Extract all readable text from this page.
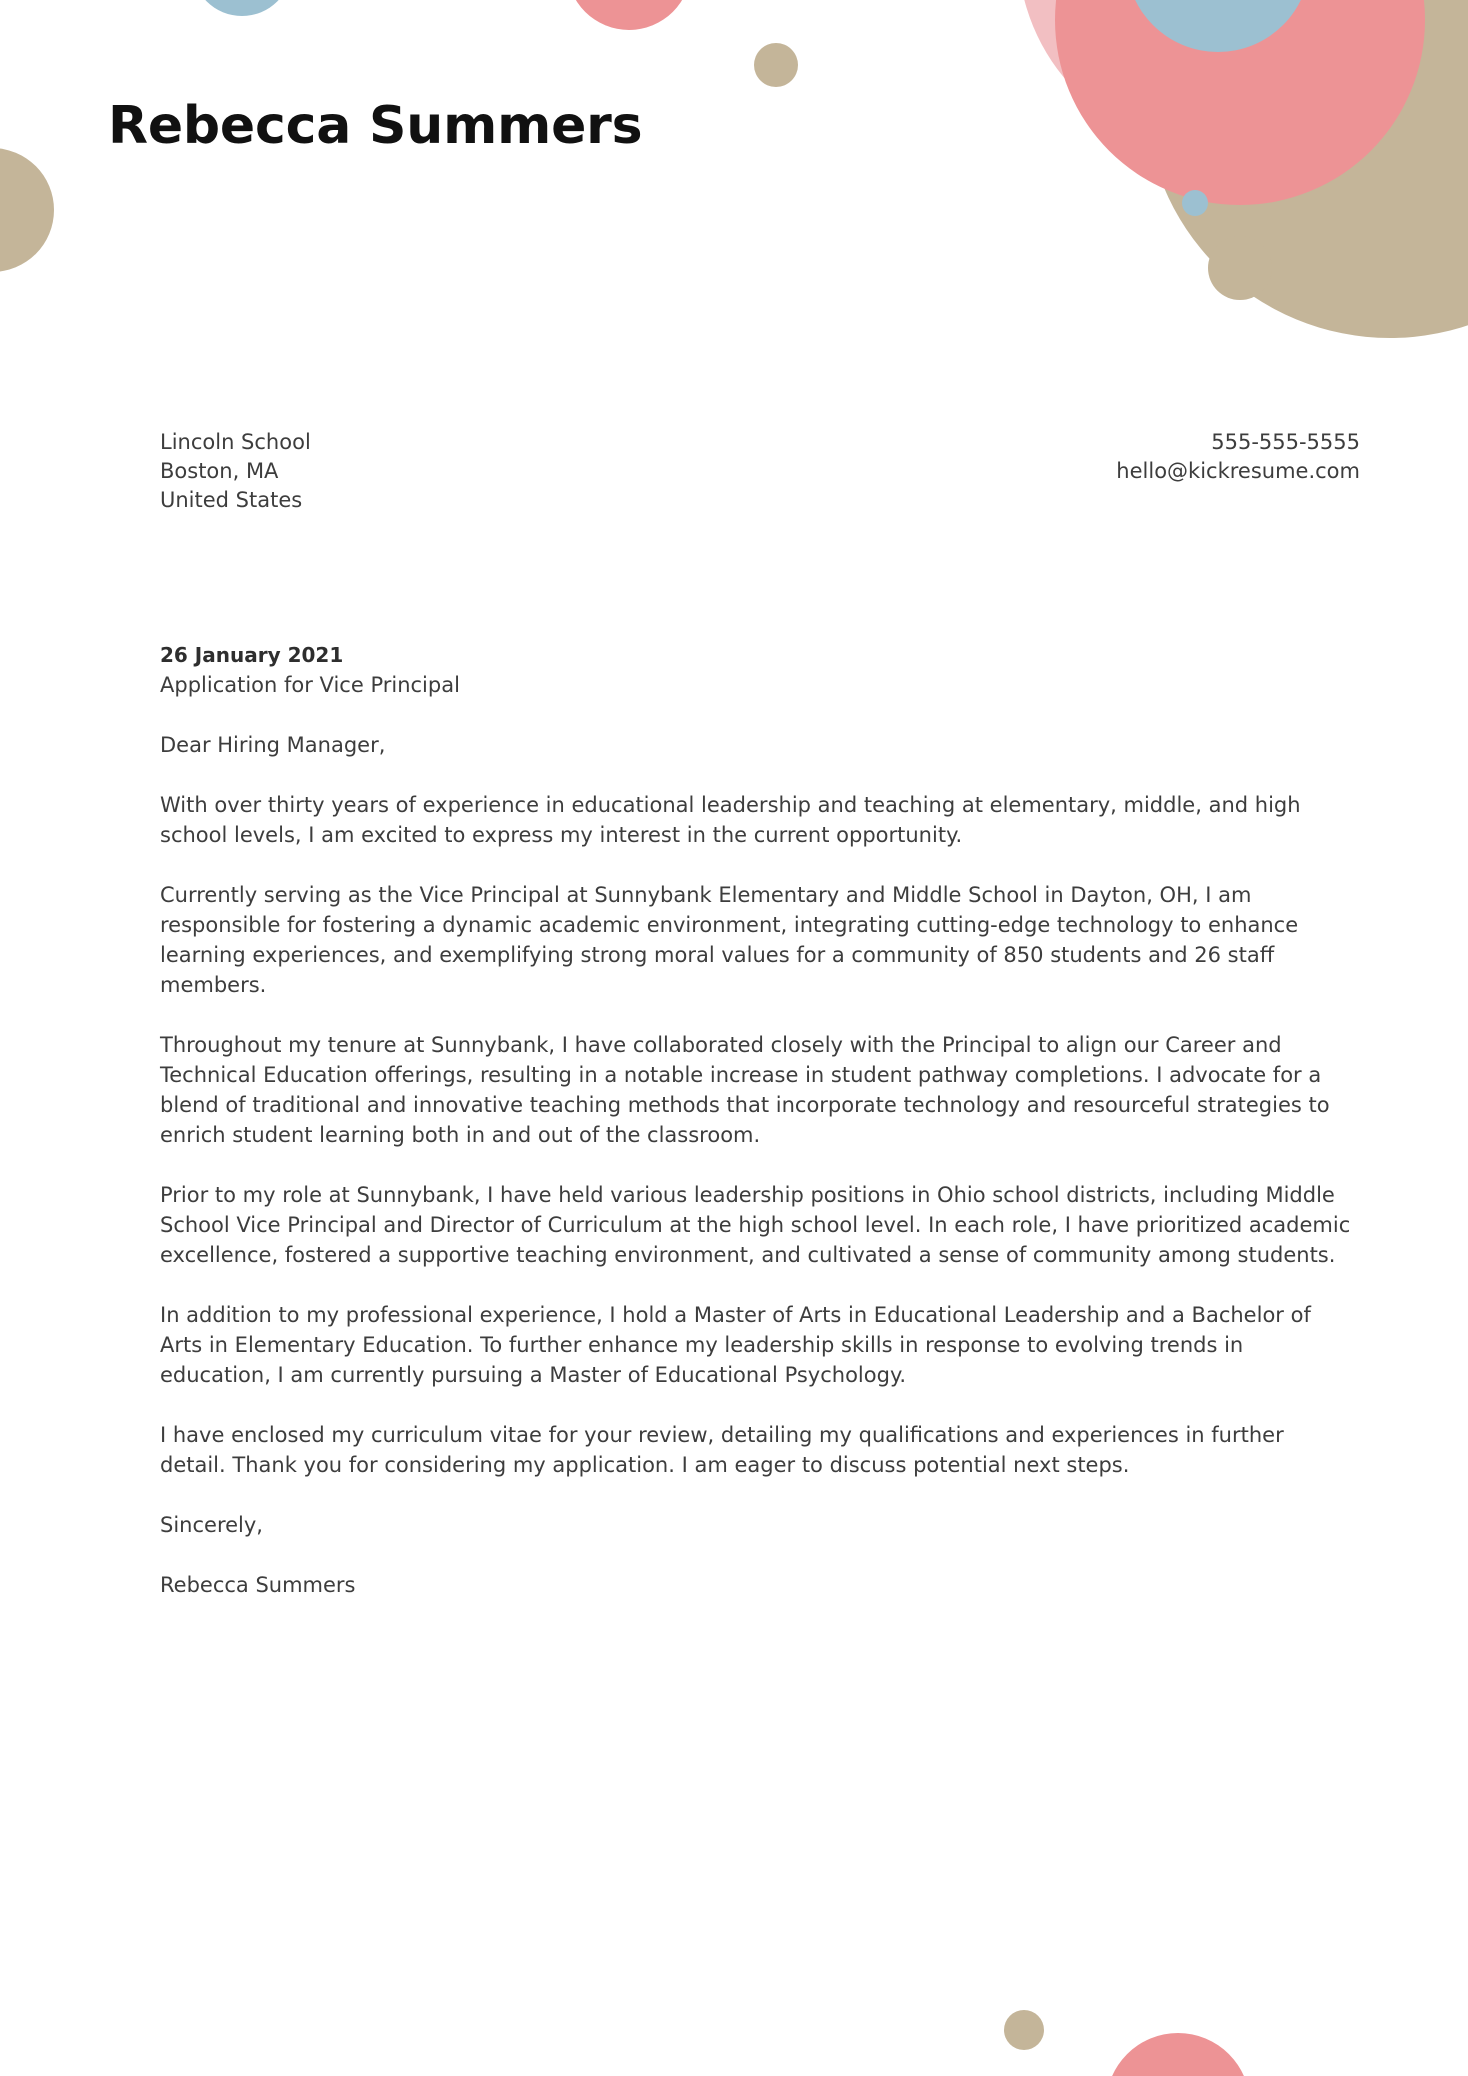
Rebecca Summers
Lincoln School
Boston, MA
United States
555-555-5555
hello@kickresume.com

26 January 2021

Application for Vice Principal

Dear Hiring Manager,

With over thirty years of experience in educational leadership and teaching at elementary, middle, and high school levels, I am excited to express my interest in the current opportunity.

Currently serving as the Vice Principal at Sunnybank Elementary and Middle School in Dayton, OH, I am responsible for fostering a dynamic academic environment, integrating cutting-edge technology to enhance learning experiences, and exemplifying strong moral values for a community of 850 students and 26 staff members.

Throughout my tenure at Sunnybank, I have collaborated closely with the Principal to align our Career and Technical Education offerings, resulting in a notable increase in student pathway completions. I advocate for a blend of traditional and innovative teaching methods that incorporate technology and resourceful strategies to enrich student learning both in and out of the classroom.

Prior to my role at Sunnybank, I have held various leadership positions in Ohio school districts, including Middle School Vice Principal and Director of Curriculum at the high school level. In each role, I have prioritized academic excellence, fostered a supportive teaching environment, and cultivated a sense of community among students.

In addition to my professional experience, I hold a Master of Arts in Educational Leadership and a Bachelor of Arts in Elementary Education. To further enhance my leadership skills in response to evolving trends in education, I am currently pursuing a Master of Educational Psychology.

I have enclosed my curriculum vitae for your review, detailing my qualifications and experiences in further detail. Thank you for considering my application. I am eager to discuss potential next steps.

Sincerely,

Rebecca Summers
